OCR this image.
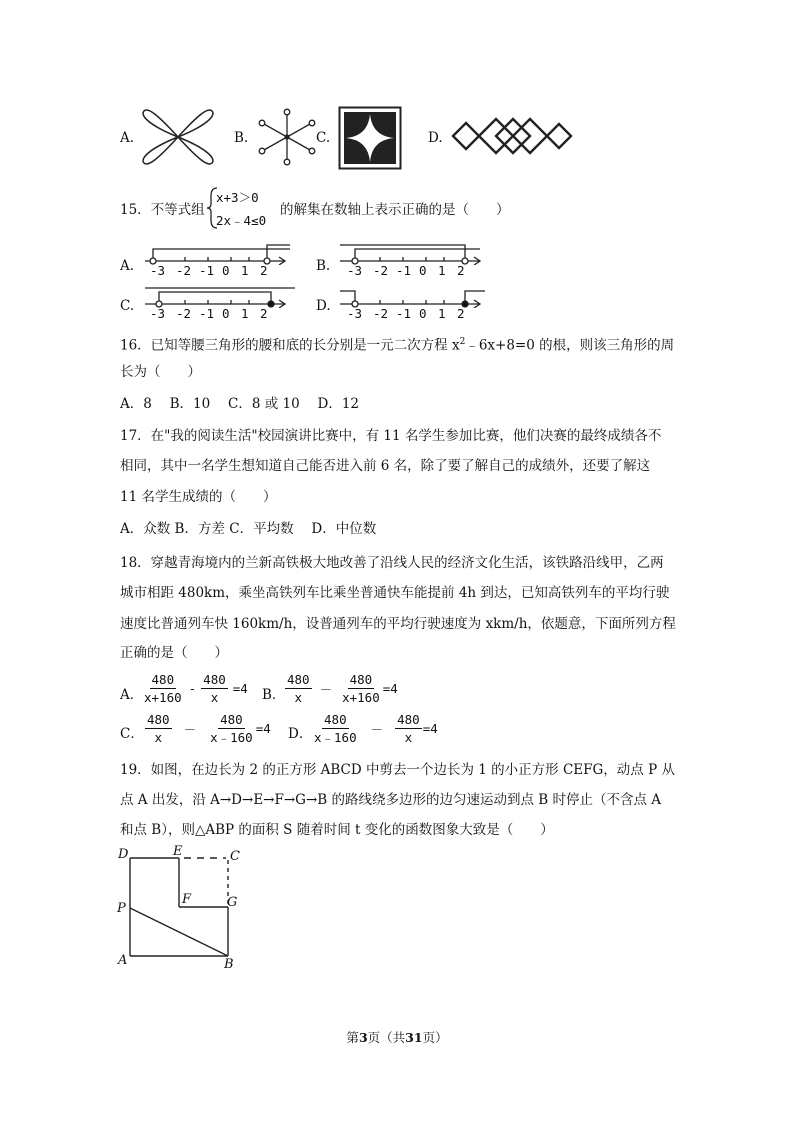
A.	B.	C.	D.
15．不等式组
x+3＞0
2x﹣4≤0
的解集在数轴上表示正确的是（　　）
A. -3 -2 -1 0 1 2	B. -3 -2 -1 0 1 2
C. -3 -2 -1 0 1 2	D. -3 -2 -1 0 1 2
16．已知等腰三角形的腰和底的长分别是一元二次方程 $x^2﹣6x+8=0$ 的根，则该三角形的周
长为（　　）
A．8　 B．10　 C．8 或 10　 D．12
17．在"我的阅读生活"校园演讲比赛中，有 11 名学生参加比赛，他们决赛的最终成绩各不
相同，其中一名学生想知道自己能否进入前 6 名，除了要了解自己的成绩外，还要了解这
11 名学生成绩的（　　）
A．众数 B．方差 C．平均数　 D．中位数
18．穿越青海境内的兰新高铁极大地改善了沿线人民的经济文化生活，该铁路沿线甲，乙两
城市相距 480km，乘坐高铁列车比乘坐普通快车能提前 4h 到达，已知高铁列车的平均行驶
速度比普通列车快 160km/h，设普通列车的平均行驶速度为 xkm/h，依题意，下面所列方程
正确的是（　　）
A．
$\frac{480}{x+160} - \frac{480}{x} =4$ B． $\frac{480}{x} - \frac{480}{x+160} =4$
C． $\frac{480}{x} - \frac{480}{x﹣160} =4$ D． $\frac{480}{x﹣160} - \frac{480}{x} =4$
19．如图，在边长为 2 的正方形 ABCD 中剪去一个边长为 1 的小正方形 CEFG，动点 P 从
点 A 出发，沿 A→D→E→F→G→B 的路线绕多边形的边匀速运动到点 B 时停止（不含点 A
和点 B），则△ABP 的面积 S 随着时间 t 变化的函数图象大致是（　　）
D	E	C
P
F	G
A	B
第3页（共31页）
